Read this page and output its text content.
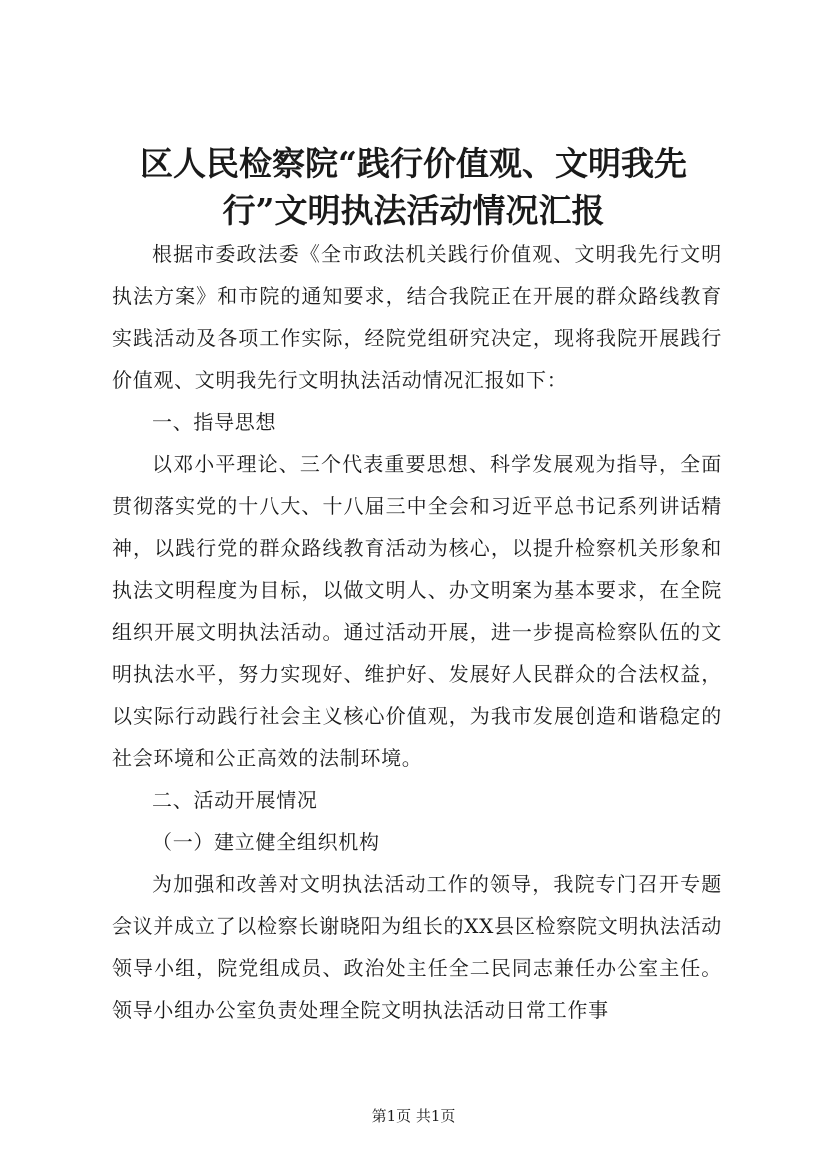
区人民检察院“践行价值观、文明我先行”文明执法活动情况汇报

根据市委政法委《全市政法机关践行价值观、文明我先行文明执法方案》和市院的通知要求，结合我院正在开展的群众路线教育实践活动及各项工作实际，经院党组研究决定，现将我院开展践行价值观、文明我先行文明执法活动情况汇报如下：

一、指导思想

以邓小平理论、三个代表重要思想、科学发展观为指导，全面贯彻落实党的十八大、十八届三中全会和习近平总书记系列讲话精神，以践行党的群众路线教育活动为核心，以提升检察机关形象和执法文明程度为目标，以做文明人、办文明案为基本要求，在全院组织开展文明执法活动。通过活动开展，进一步提高检察队伍的文明执法水平，努力实现好、维护好、发展好人民群众的合法权益，以实际行动践行社会主义核心价值观，为我市发展创造和谐稳定的社会环境和公正高效的法制环境。

二、活动开展情况

（一）建立健全组织机构

为加强和改善对文明执法活动工作的领导，我院专门召开专题会议并成立了以检察长谢晓阳为组长的XX县区检察院文明执法活动领导小组，院党组成员、政治处主任全二民同志兼任办公室主任。领导小组办公室负责处理全院文明执法活动日常工作事

第1页 共1页
